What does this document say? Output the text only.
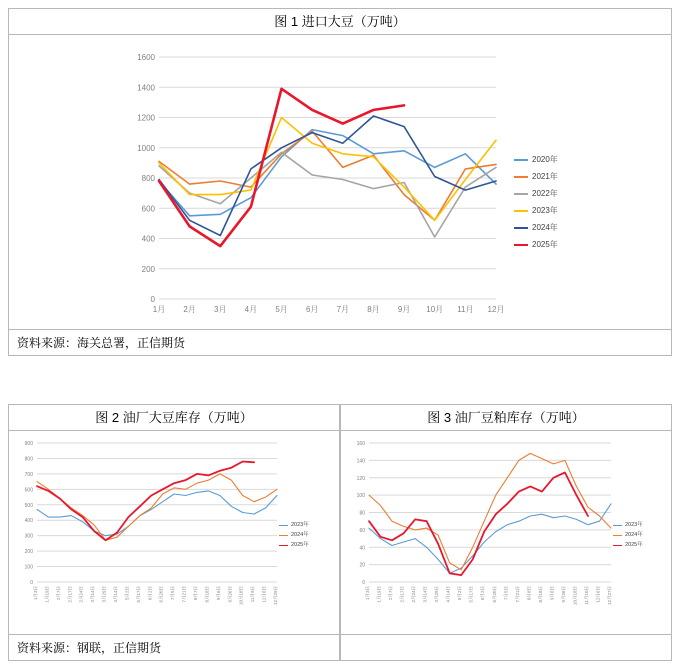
图 1 进口大豆（万吨）
0
200
400
600
800
1000
1200
1400
1600
1月 2月 3月 4月 5月 6月 7月 8月 9月 10月 11月 12月
2020年
2021年
2022年
2023年
2024年
2025年
资料来源：海关总署，正信期货
图 2 油厂大豆库存（万吨）
0
100
200
300
400
500
600
700
800
900
1月3日 1月19日 2月7日 2月17日 2月24日 3月14日 3月29日 4月14日 5月2日 5月17日 6月2日 6月20日 7月5日 7月21日 8月7日 8月18日 9月6日 9月26日 10月18日 11月9日 12月6日 12月29日
2023年
2024年
2025年
资料来源：钢联，正信期货
图 3 油厂豆粕库存（万吨）
0
20
40
60
80
100
120
140
160
1月3日 1月19日 2月7日 2月17日 2月24日 3月14日 3月29日 4月14日 5月2日 5月17日 6月2日 6月20日 7月5日 7月21日 8月8日 8月18日 9月6日 9月26日 10月18日 11月10日 12月6日 12月27日
2023年
2024年
2025年
